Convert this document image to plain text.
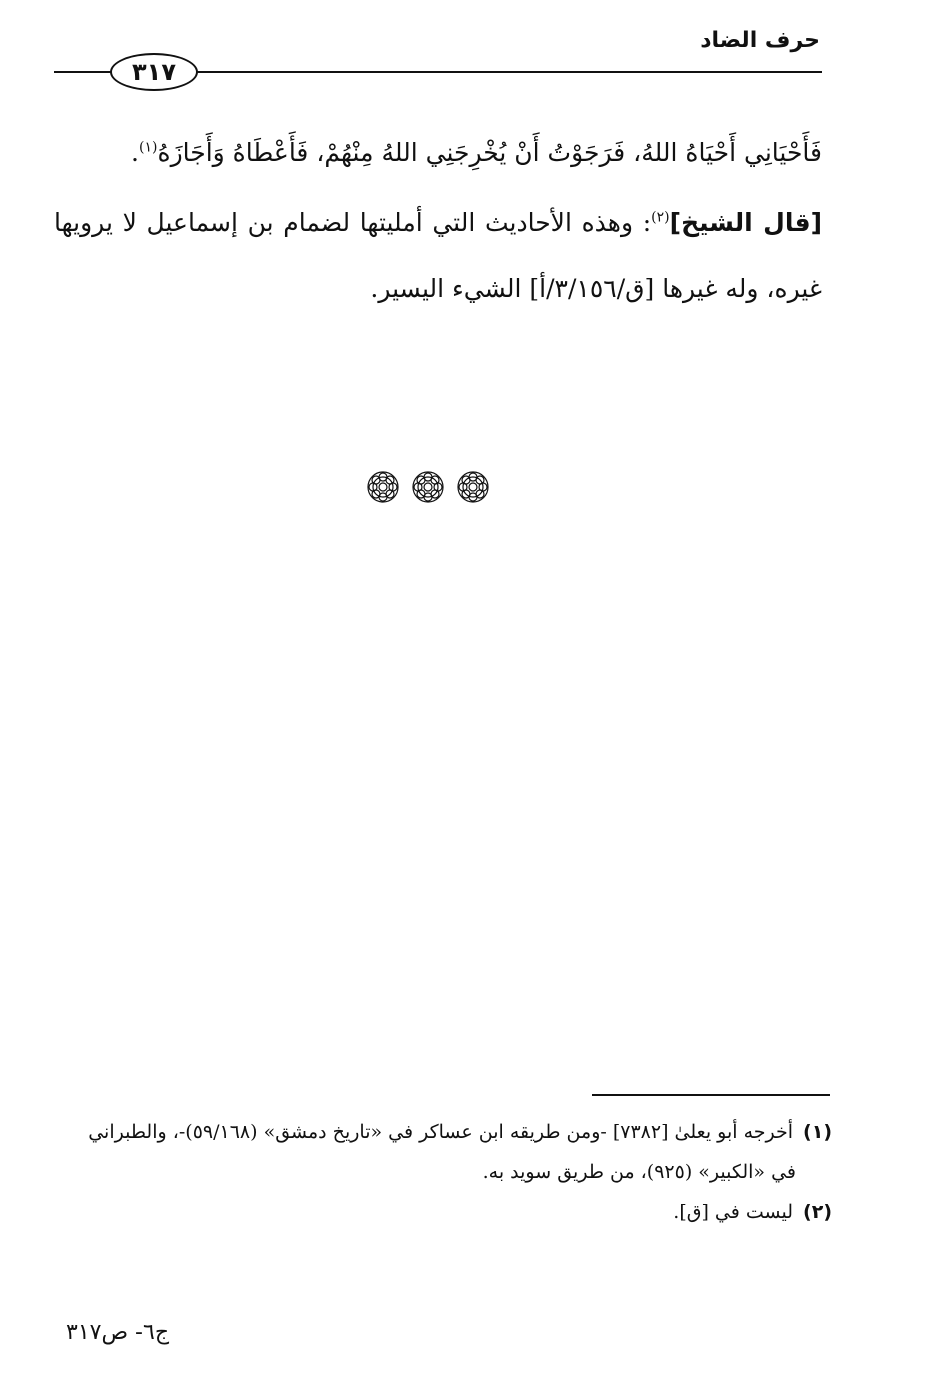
حرف الضاد
٣١٧

فَأَحْيَانِي أَحْيَاهُ اللهُ، فَرَجَوْتُ أَنْ يُخْرِجَنِي اللهُ مِنْهُمْ، فَأَعْطَاهُ وَأَجَازَهُ$^{(١)}$.

[قال الشيخ]$^{(٢)}$: وهذه الأحاديث التي أمليتها لضمام بن إسماعيل لا يرويها غيره، وله غيرها [ق/٣/١٥٦/أ] الشيء اليسير.

(١)أخرجه أبو يعلىٰ [٧٣٨٢] -ومن طريقه ابن عساكر في «تاريخ دمشق» (٥٩/١٦٨)-، والطبراني

في «الكبير» (٩٢٥)، من طريق سويد به.

(٢)ليست في [ق].

ج٦- ص٣١٧
